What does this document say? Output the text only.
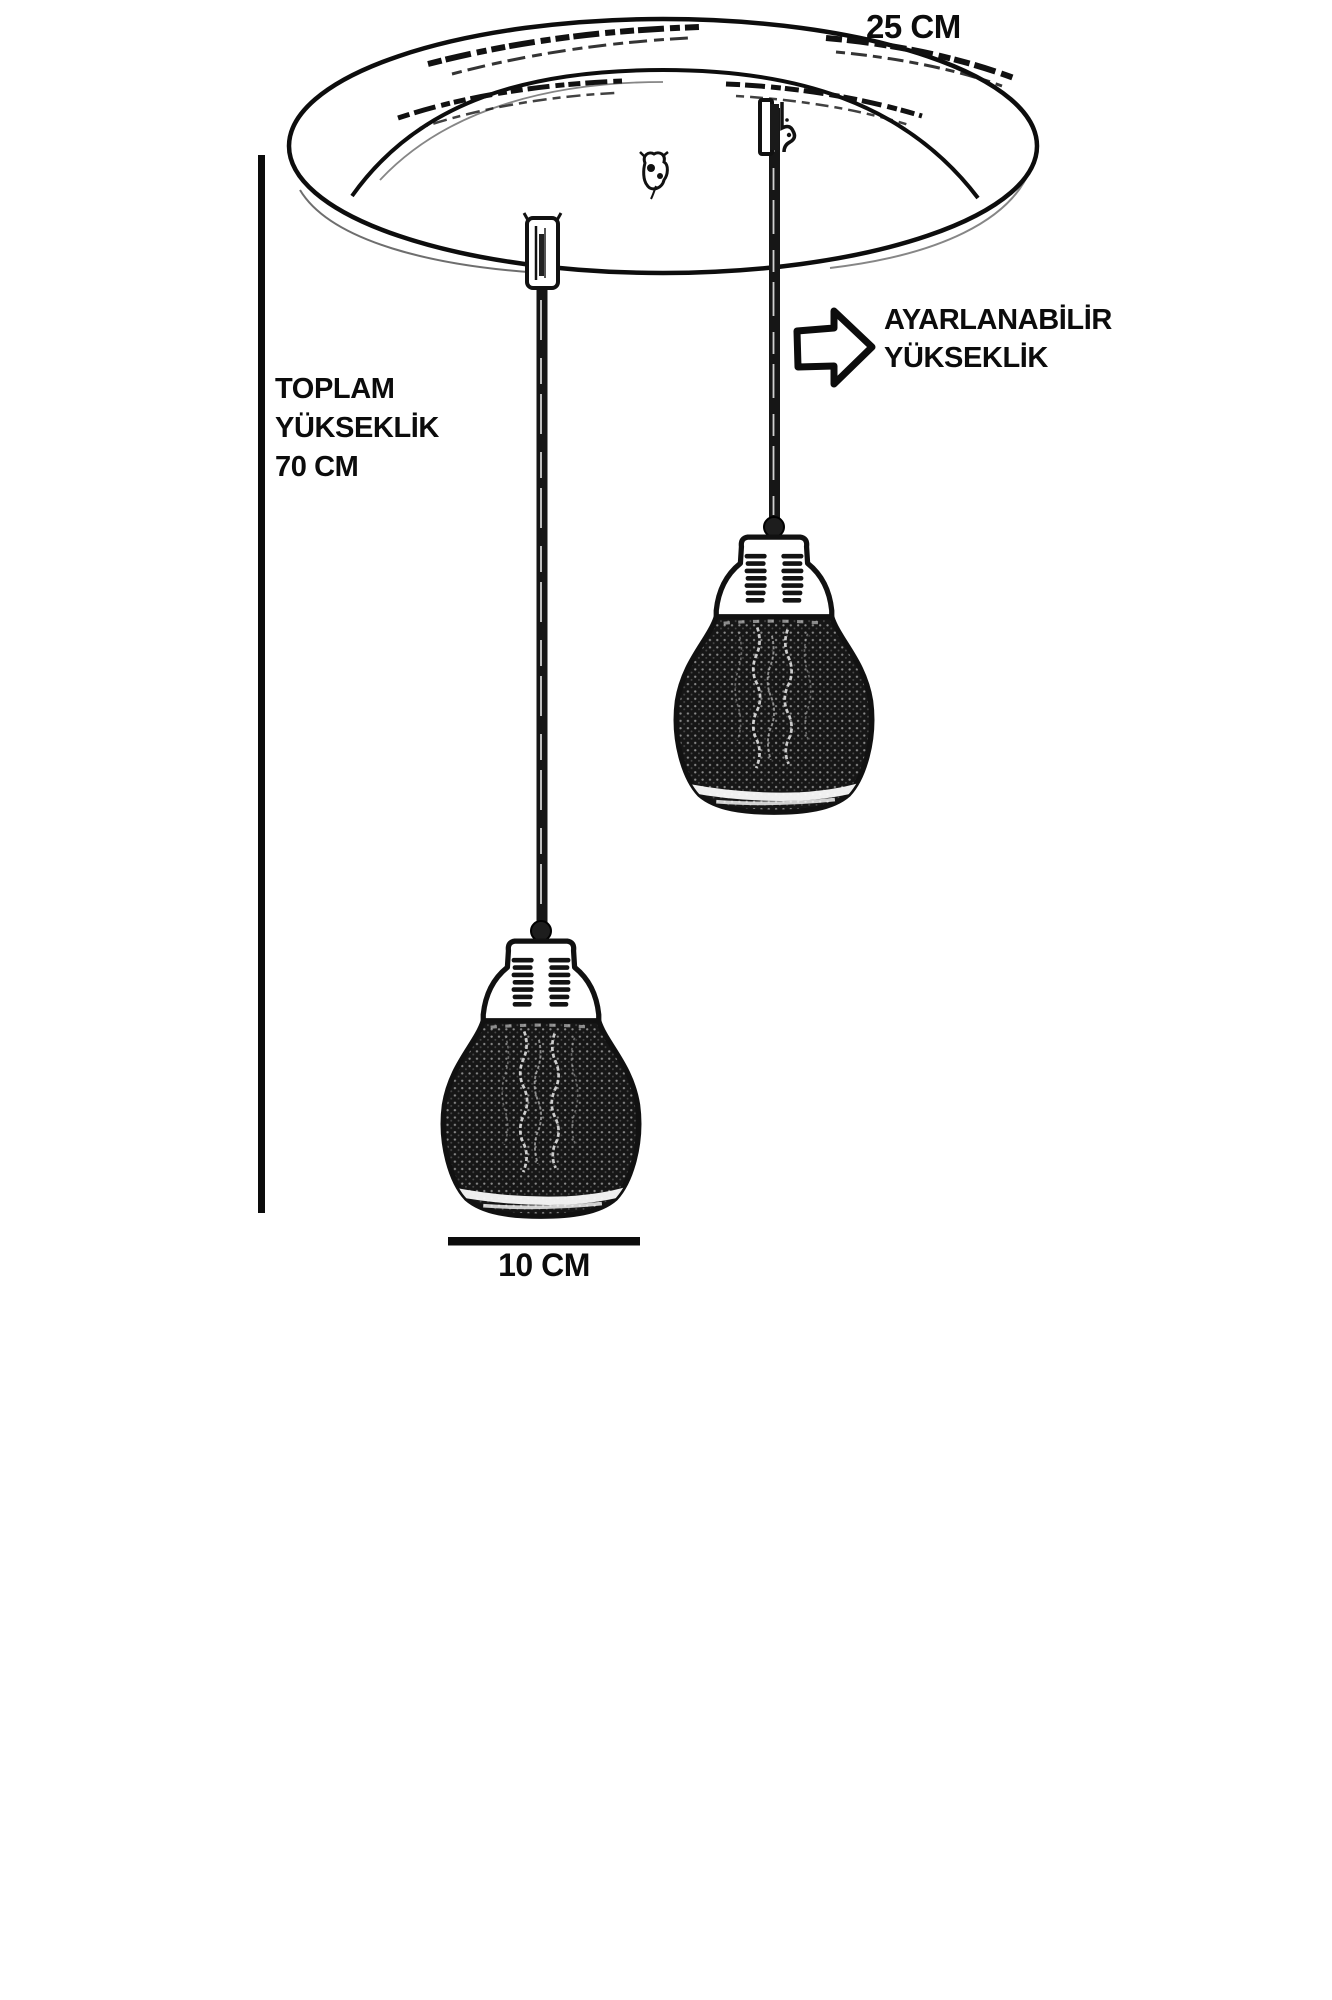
25 CM
TOPLAM
YÜKSEKLİK
70 CM
AYARLANABİLİR
YÜKSEKLİK
10 CM
